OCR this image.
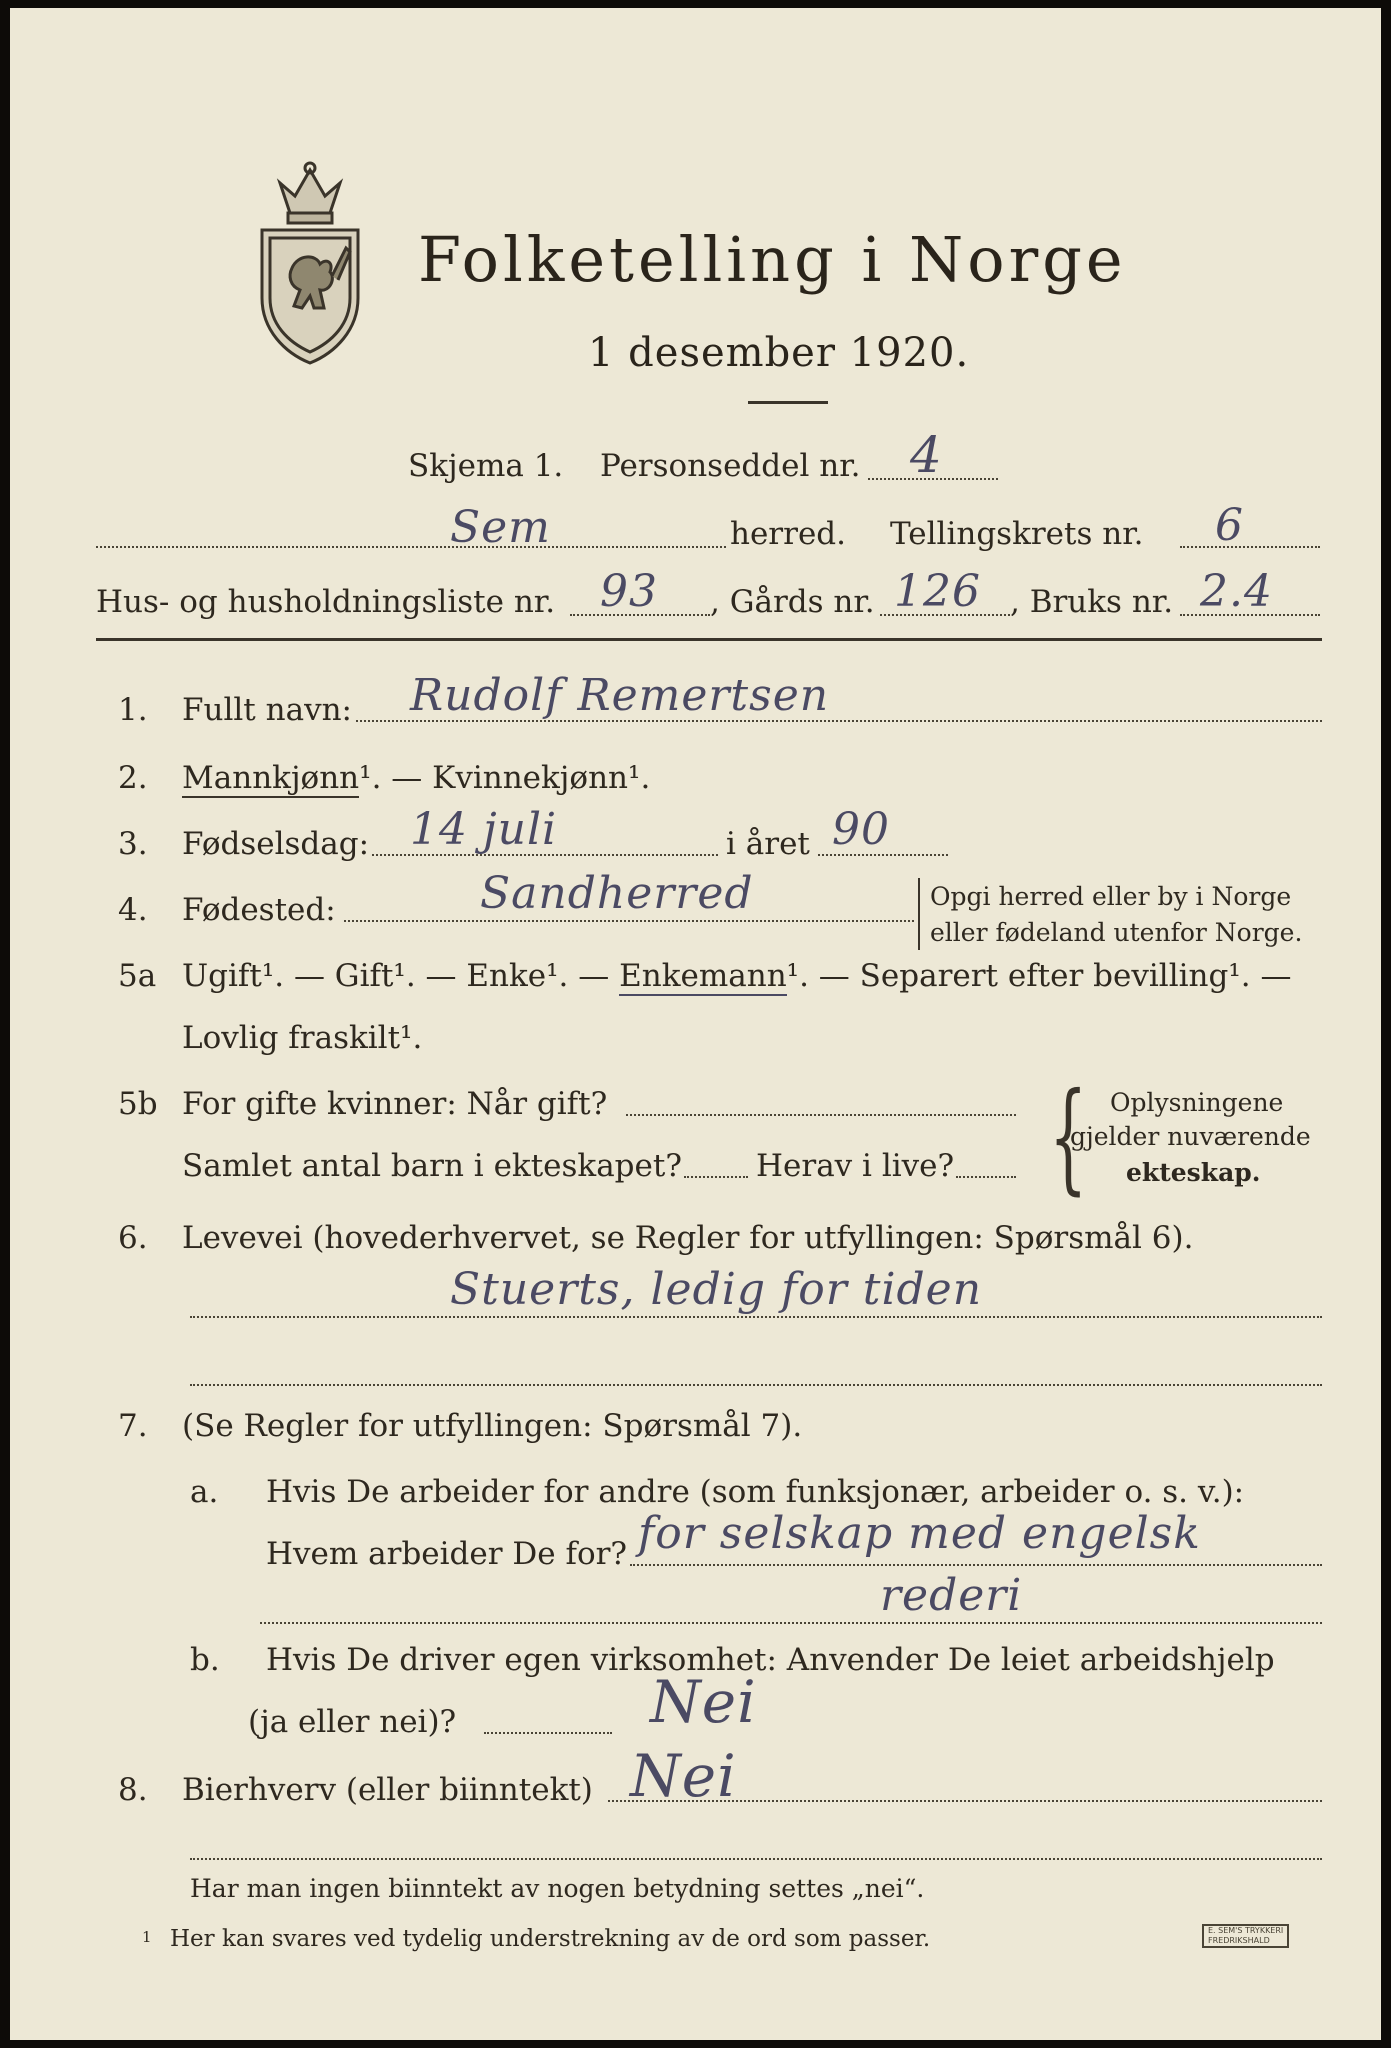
Folketelling i Norge
1 desember 1920.
Skjema 1. Personseddel nr. 4
Sem	herred. Tellingskrets nr. 6
Hus- og husholdningsliste nr. 93 , Gårds nr. 126 , Bruks nr. 2.4
1. Fullt navn: Rudolf Remertsen
2. Mannkjønn¹. — Kvinnekjønn¹.
3. Fødselsdag: 14 juli	i året 90
4. Fødested:	Sandherred	Opgi herred eller by i Norge
eller fødeland utenfor Norge.
5a Ugift¹. — Gift¹. — Enke¹. — Enkemann¹. — Separert efter bevilling¹. —
Lovlig fraskilt¹.
5b For gifte kvinner: Når gift?
Samlet antal barn i ekteskapet? Herav i live? { Oplysningene
gjelder nuværende
ekteskap.
6. Levevei (hovederhvervet, se Regler for utfyllingen: Spørsmål 6).
Stuerts, ledig for tiden
7. (Se Regler for utfyllingen: Spørsmål 7).
a. Hvis De arbeider for andre (som funksjonær, arbeider o. s. v.):
Hvem arbeider De for? for selskap med engelsk
rederi
b. Hvis De driver egen virksomhet: Anvender De leiet arbeidshjelp
(ja eller nei)?	Nei
8. Bierhverv (eller biinntekt) Nei
Har man ingen biinntekt av nogen betydning settes „nei“.
1 Her kan svares ved tydelig understrekning av de ord som passer.	E. SEM'S TRYKKERI
FREDRIKSHALD
